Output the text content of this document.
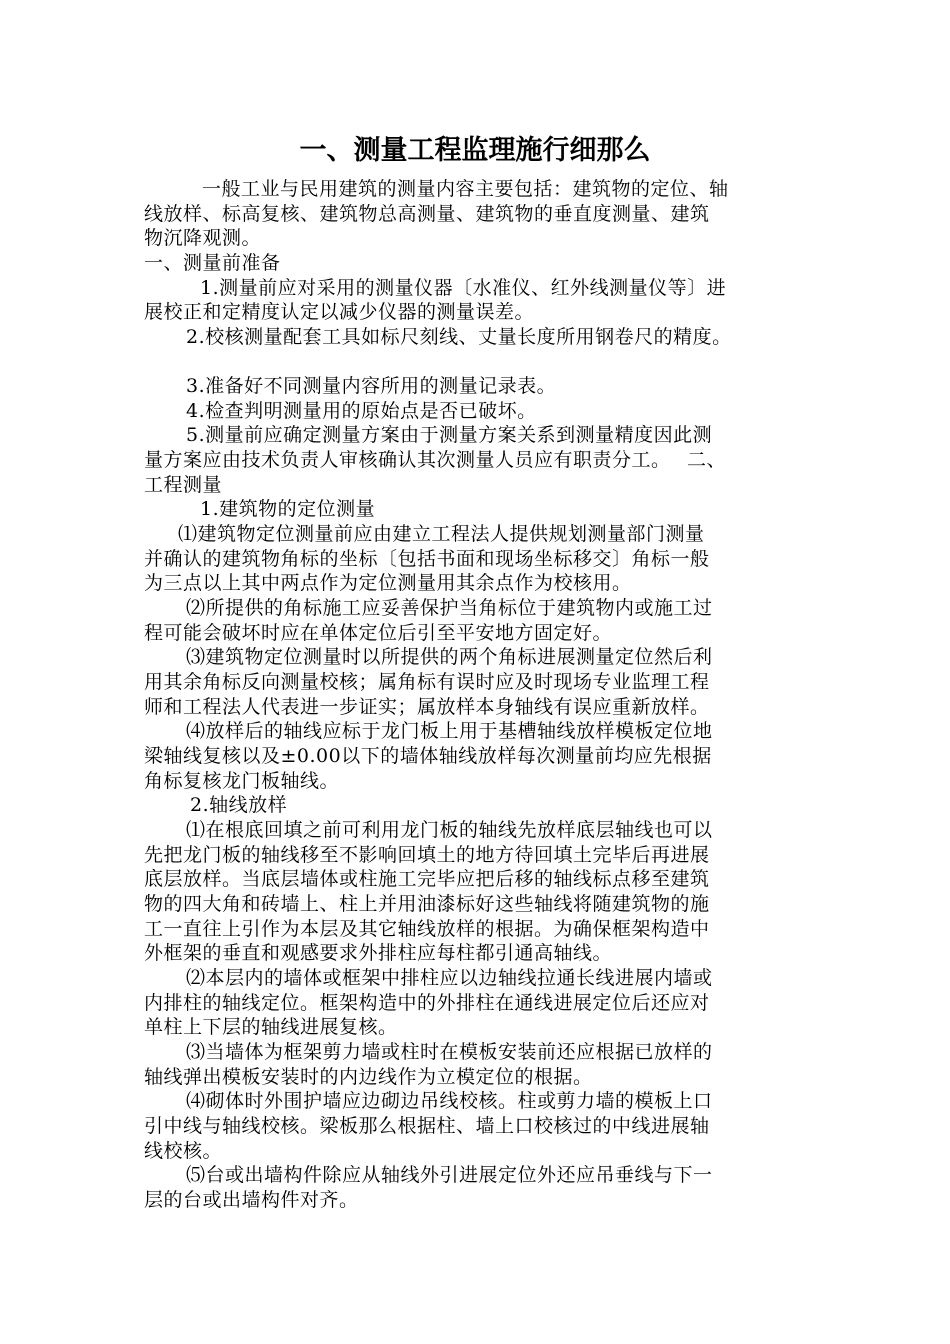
一、测量工程监理施行细那么
一般工业与民用建筑的测量内容主要包括：建筑物的定位、轴
线放样、标高复核、建筑物总高测量、建筑物的垂直度测量、建筑
物沉降观测。
一、测量前准备
1.测量前应对采用的测量仪器〔水准仪、红外线测量仪等〕进
展校正和定精度认定以减少仪器的测量误差。
2.校核测量配套工具如标尺刻线、丈量长度所用钢卷尺的精度。
3.准备好不同测量内容所用的测量记录表。
4.检查判明测量用的原始点是否已破坏。
5.测量前应确定测量方案由于测量方案关系到测量精度因此测
量方案应由技术负责人审核确认其次测量人员应有职责分工。　 二、
工程测量
1.建筑物的定位测量
⑴建筑物定位测量前应由建立工程法人提供规划测量部门测量
并确认的建筑物角标的坐标〔包括书面和现场坐标移交〕角标一般
为三点以上其中两点作为定位测量用其余点作为校核用。
⑵所提供的角标施工应妥善保护当角标位于建筑物内或施工过
程可能会破坏时应在单体定位后引至平安地方固定好。
⑶建筑物定位测量时以所提供的两个角标进展测量定位然后利
用其余角标反向测量校核；属角标有误时应及时现场专业监理工程
师和工程法人代表进一步证实；属放样本身轴线有误应重新放样。
⑷放样后的轴线应标于龙门板上用于基槽轴线放样模板定位地
梁轴线复核以及±0.00以下的墙体轴线放样每次测量前均应先根据
角标复核龙门板轴线。
2.轴线放样
⑴在根底回填之前可利用龙门板的轴线先放样底层轴线也可以
先把龙门板的轴线移至不影响回填土的地方待回填土完毕后再进展
底层放样。当底层墙体或柱施工完毕应把后移的轴线标点移至建筑
物的四大角和砖墙上、柱上并用油漆标好这些轴线将随建筑物的施
工一直往上引作为本层及其它轴线放样的根据。为确保框架构造中
外框架的垂直和观感要求外排柱应每柱都引通高轴线。
⑵本层内的墙体或框架中排柱应以边轴线拉通长线进展内墙或
内排柱的轴线定位。框架构造中的外排柱在通线进展定位后还应对
单柱上下层的轴线进展复核。
⑶当墙体为框架剪力墙或柱时在模板安装前还应根据已放样的
轴线弹出模板安装时的内边线作为立模定位的根据。
⑷砌体时外围护墙应边砌边吊线校核。柱或剪力墙的模板上口
引中线与轴线校核。梁板那么根据柱、墙上口校核过的中线进展轴
线校核。
⑸台或出墙构件除应从轴线外引进展定位外还应吊垂线与下一
层的台或出墙构件对齐。
